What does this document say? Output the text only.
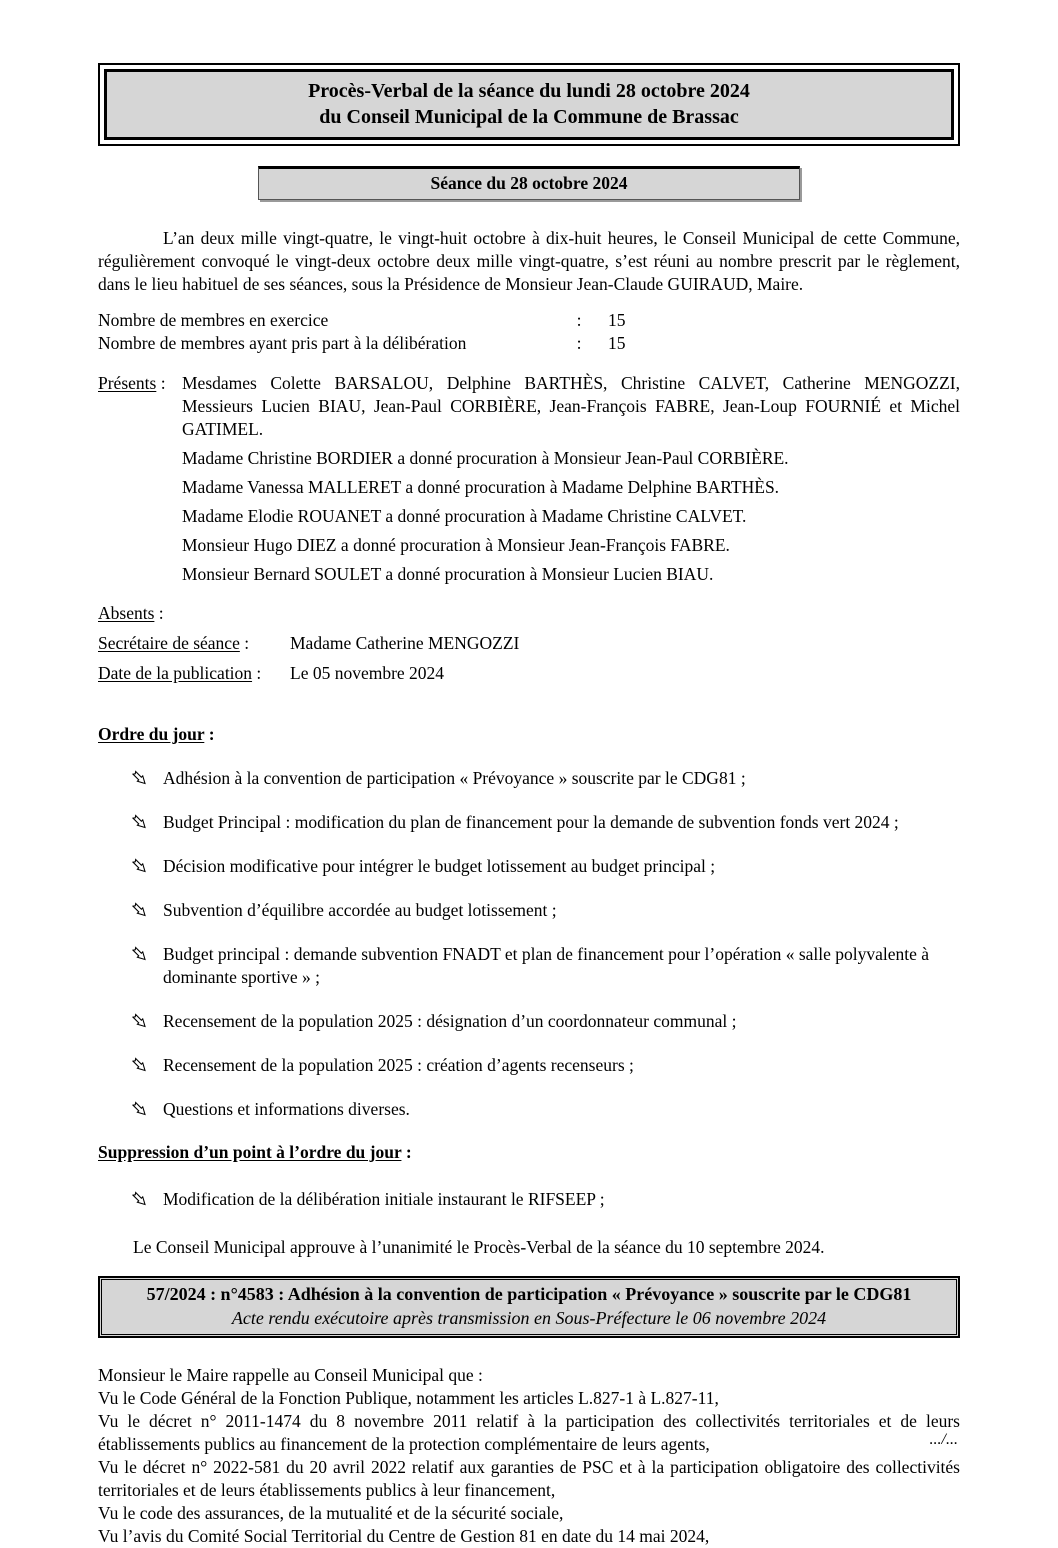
Procès-Verbal de la séance du lundi 28 octobre 2024
du Conseil Municipal de la Commune de Brassac
Séance du 28 octobre 2024

L’an deux mille vingt-quatre, le vingt-huit octobre à dix-huit heures, le Conseil Municipal de cette Commune, régulièrement convoqué le vingt-deux octobre deux mille vingt-quatre, s’est réuni au nombre prescrit par le règlement, dans le lieu habituel de ses séances, sous la Présidence de Monsieur Jean-Claude GUIRAUD, Maire.

Nombre de membres en exercice	:	15
Nombre de membres ayant pris part à la délibération	:	15
Présents : Mesdames Colette BARSALOU, Delphine BARTHÈS, Christine CALVET, Catherine MENGOZZI, Messieurs Lucien BIAU, Jean-Paul CORBIÈRE, Jean-François FABRE, Jean-Loup FOURNIÉ et Michel GATIMEL.

Madame Christine BORDIER a donné procuration à Monsieur Jean-Paul CORBIÈRE.

Madame Vanessa MALLERET a donné procuration à Madame Delphine BARTHÈS.

Madame Elodie ROUANET a donné procuration à Madame Christine CALVET.

Monsieur Hugo DIEZ a donné procuration à Monsieur Jean-François FABRE.

Monsieur Bernard SOULET a donné procuration à Monsieur Lucien BIAU.

Absents :
Secrétaire de séance : Madame Catherine MENGOZZI
Date de la publication : Le 05 novembre 2024
Ordre du jour :
Adhésion à la convention de participation « Prévoyance » souscrite par le CDG81 ;
Budget Principal : modification du plan de financement pour la demande de subvention fonds vert 2024 ;
Décision modificative pour intégrer le budget lotissement au budget principal ;
Subvention d’équilibre accordée au budget lotissement ;
Budget principal : demande subvention FNADT et plan de financement pour l’opération « salle polyvalente à dominante sportive » ;
Recensement de la population 2025 : désignation d’un coordonnateur communal ;
Recensement de la population 2025 : création d’agents recenseurs ;
Questions et informations diverses.
Suppression d’un point à l’ordre du jour :
Modification de la délibération initiale instaurant le RIFSEEP ;

Le Conseil Municipal approuve à l’unanimité le Procès-Verbal de la séance du 10 septembre 2024.

57/2024 : n°4583 : Adhésion à la convention de participation « Prévoyance » souscrite par le CDG81
Acte rendu exécutoire après transmission en Sous-Préfecture le 06 novembre 2024

Monsieur le Maire rappelle au Conseil Municipal que :

Vu le Code Général de la Fonction Publique, notamment les articles L.827-1 à L.827-11,

Vu le décret n° 2011-1474 du 8 novembre 2011 relatif à la participation des collectivités territoriales et de leurs établissements publics au financement de la protection complémentaire de leurs agents,

Vu le décret n° 2022-581 du 20 avril 2022 relatif aux garanties de PSC et à la participation obligatoire des collectivités territoriales et de leurs établissements publics à leur financement,

Vu le code des assurances, de la mutualité et de la sécurité sociale,

Vu l’avis du Comité Social Territorial du Centre de Gestion 81 en date du 14 mai 2024,

.../...
